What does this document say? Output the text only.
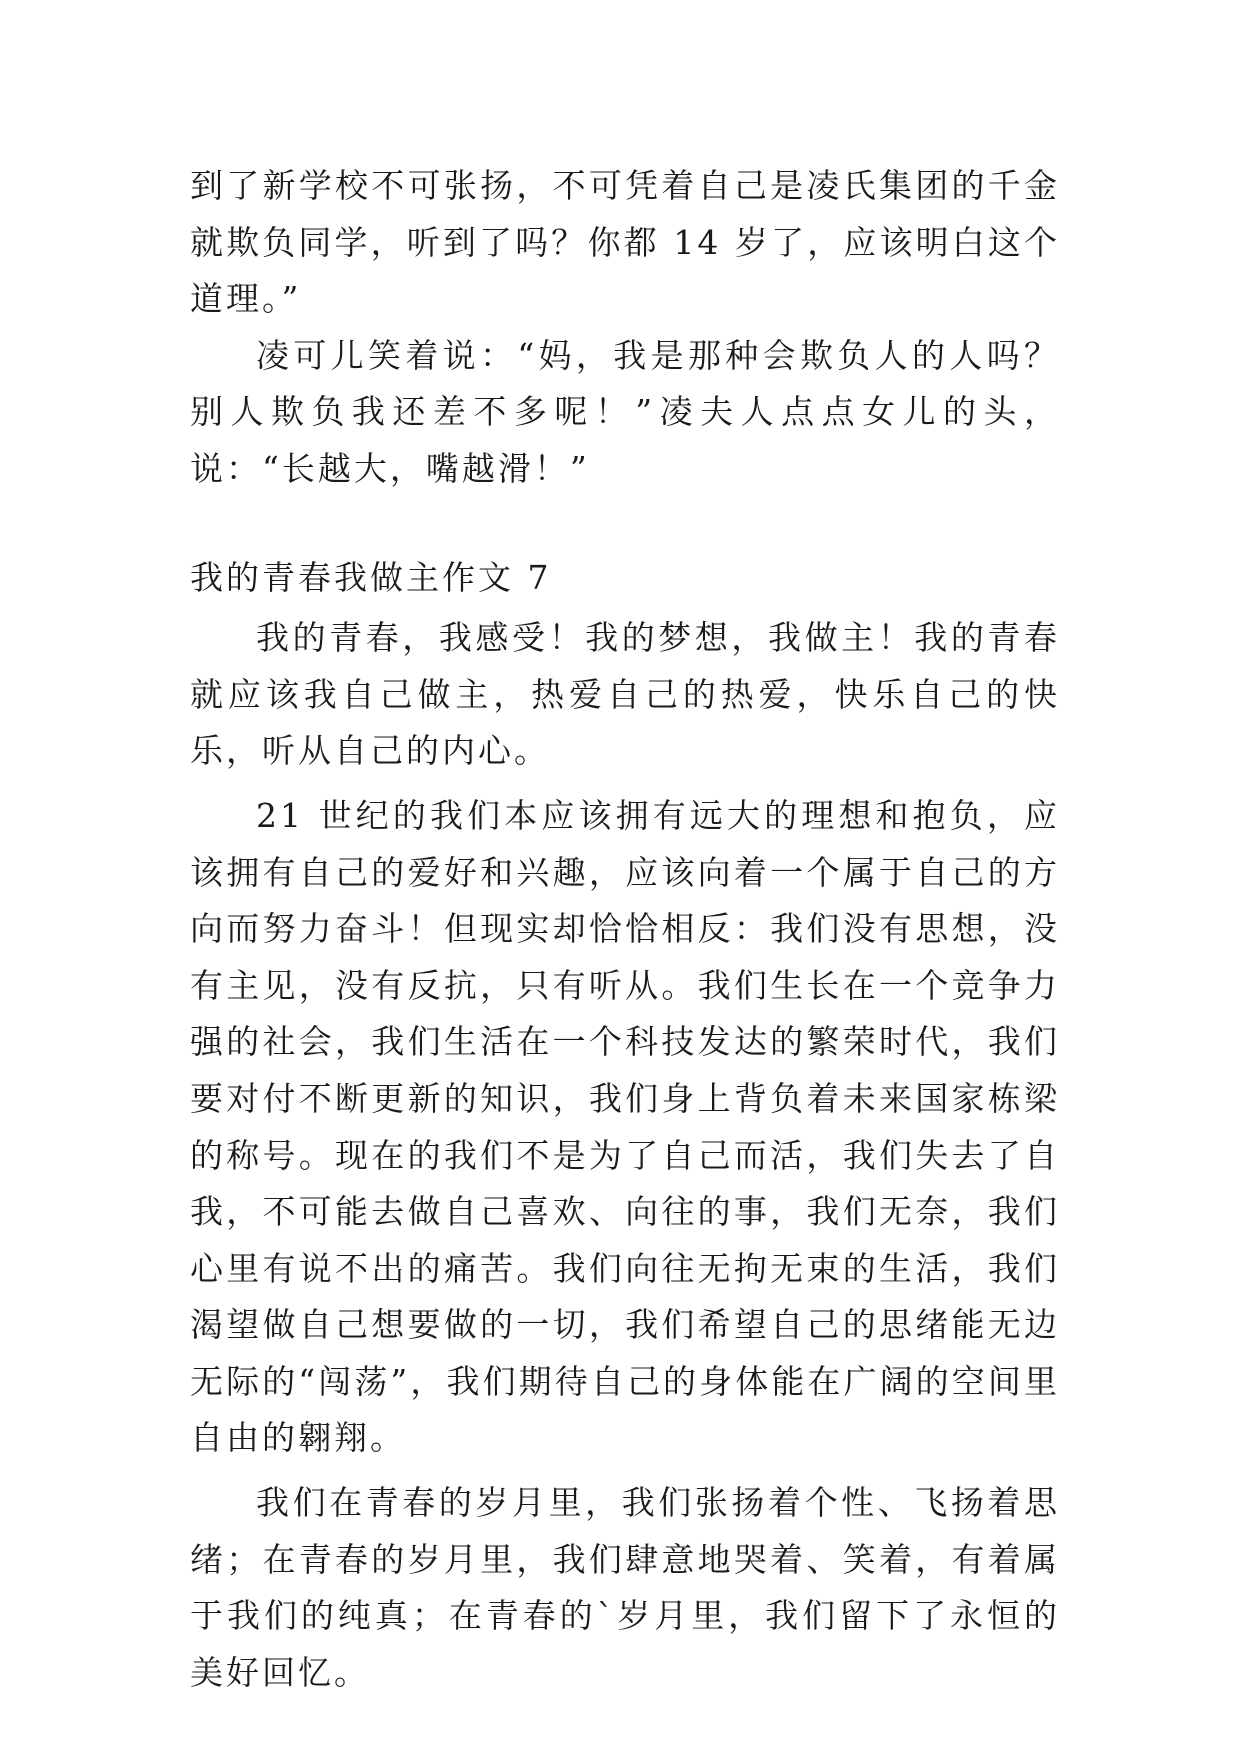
到了新学校不可张扬，不可凭着自己是凌氏集团的千金就欺负同学，听到了吗？你都 14 岁了，应该明白这个道理。”

凌可儿笑着说：“妈，我是那种会欺负人的人吗？别人欺负我还差不多呢！”凌夫人点点女儿的头，说：“长越大，嘴越滑！”

我的青春我做主作文 7

我的青春，我感受！我的梦想，我做主！我的青春就应该我自己做主，热爱自己的热爱，快乐自己的快乐，听从自己的内心。

21 世纪的我们本应该拥有远大的理想和抱负，应该拥有自己的爱好和兴趣，应该向着一个属于自己的方向而努力奋斗！但现实却恰恰相反：我们没有思想，没有主见，没有反抗，只有听从。我们生长在一个竞争力强的社会，我们生活在一个科技发达的繁荣时代，我们要对付不断更新的知识，我们身上背负着未来国家栋梁的称号。现在的我们不是为了自己而活，我们失去了自我，不可能去做自己喜欢、向往的事，我们无奈，我们心里有说不出的痛苦。我们向往无拘无束的生活，我们渴望做自己想要做的一切，我们希望自己的思绪能无边无际的“闯荡”，我们期待自己的身体能在广阔的空间里自由的翱翔。

我们在青春的岁月里，我们张扬着个性、飞扬着思绪；在青春的岁月里，我们肆意地哭着、笑着，有着属于我们的纯真；在青春的`岁月里，我们留下了永恒的美好回忆。
